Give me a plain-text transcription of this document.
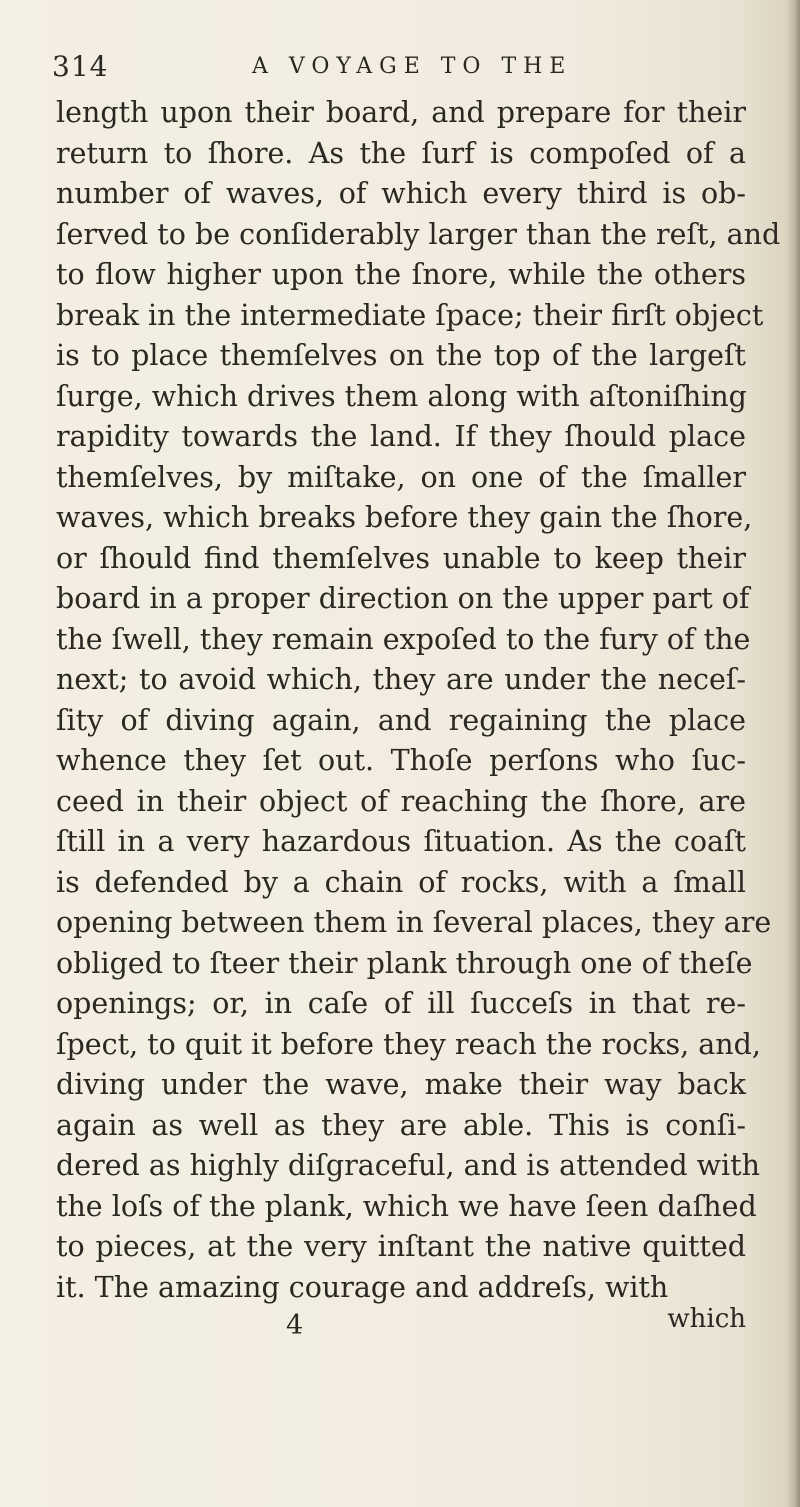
314	A VOYAGE TO THE
length upon their board, and prepare for their
return to ſhore. As the ſurf is compoſed of a
number of waves, of which every third is ob-
ſerved to be conſiderably larger than the reſt, and
to flow higher upon the ſnore, while the others
break in the intermediate ſpace; their firſt object
is to place themſelves on the top of the largeſt
ſurge, which drives them along with aſtoniſhing
rapidity towards the land. If they ſhould place
themſelves, by miſtake, on one of the ſmaller
waves, which breaks before they gain the ſhore,
or ſhould find themſelves unable to keep their
board in a proper direction on the upper part of
the ſwell, they remain expoſed to the fury of the
next; to avoid which, they are under the neceſ-
ſity of diving again, and regaining the place
whence they ſet out. Thoſe perſons who ſuc-
ceed in their object of reaching the ſhore, are
ſtill in a very hazardous ſituation. As the coaſt
is defended by a chain of rocks, with a ſmall
opening between them in ſeveral places, they are
obliged to ſteer their plank through one of theſe
openings; or, in caſe of ill ſucceſs in that re-
ſpect, to quit it before they reach the rocks, and,
diving under the wave, make their way back
again as well as they are able. This is conſi-
dered as highly diſgraceful, and is attended with
the loſs of the plank, which we have ſeen daſhed
to pieces, at the very inſtant the native quitted
it. The amazing courage and addreſs, with
4	which
